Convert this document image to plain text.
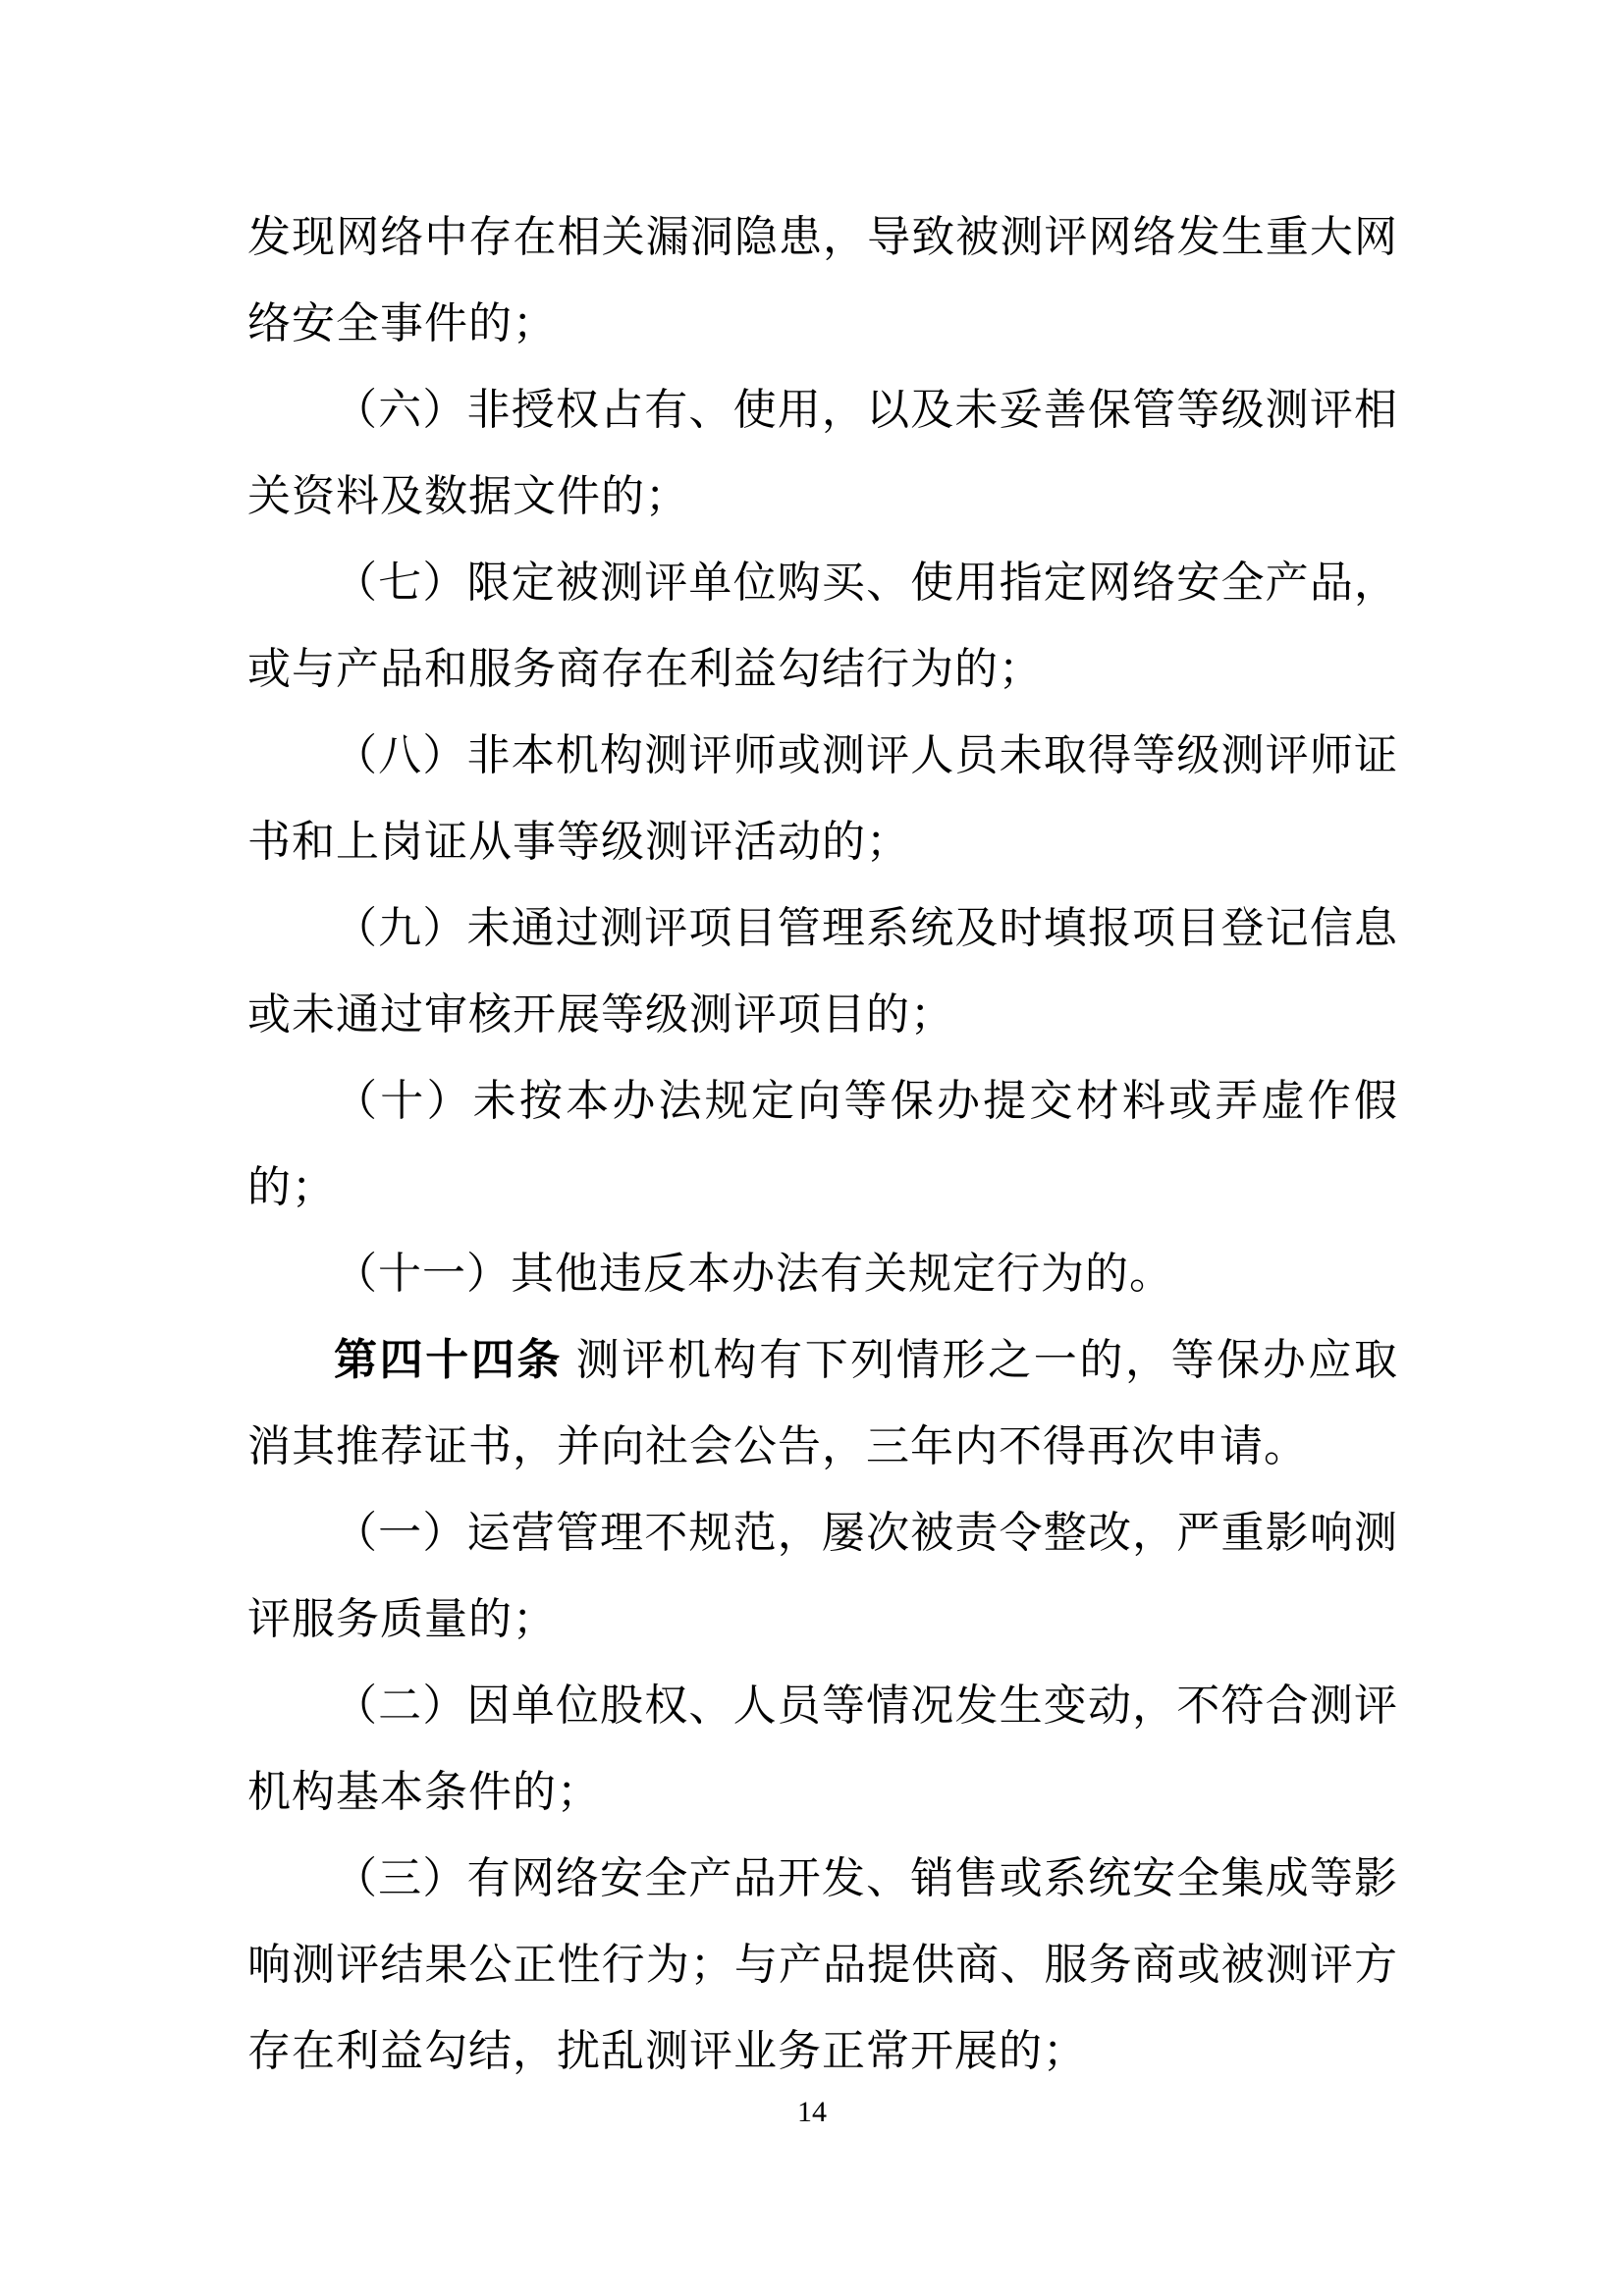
发现网络中存在相关漏洞隐患，导致被测评网络发生重大网络安全事件的；

（六）非授权占有、使用，以及未妥善保管等级测评相关资料及数据文件的；

（七）限定被测评单位购买、使用指定网络安全产品，或与产品和服务商存在利益勾结行为的；

（八）非本机构测评师或测评人员未取得等级测评师证书和上岗证从事等级测评活动的；

（九）未通过测评项目管理系统及时填报项目登记信息或未通过审核开展等级测评项目的；

（十）未按本办法规定向等保办提交材料或弄虚作假的；

（十一）其他违反本办法有关规定行为的。

第四十四条 测评机构有下列情形之一的，等保办应取消其推荐证书，并向社会公告，三年内不得再次申请。

（一）运营管理不规范，屡次被责令整改，严重影响测评服务质量的；

（二）因单位股权、人员等情况发生变动，不符合测评机构基本条件的；

（三）有网络安全产品开发、销售或系统安全集成等影响测评结果公正性行为；与产品提供商、服务商或被测评方存在利益勾结，扰乱测评业务正常开展的；

14
